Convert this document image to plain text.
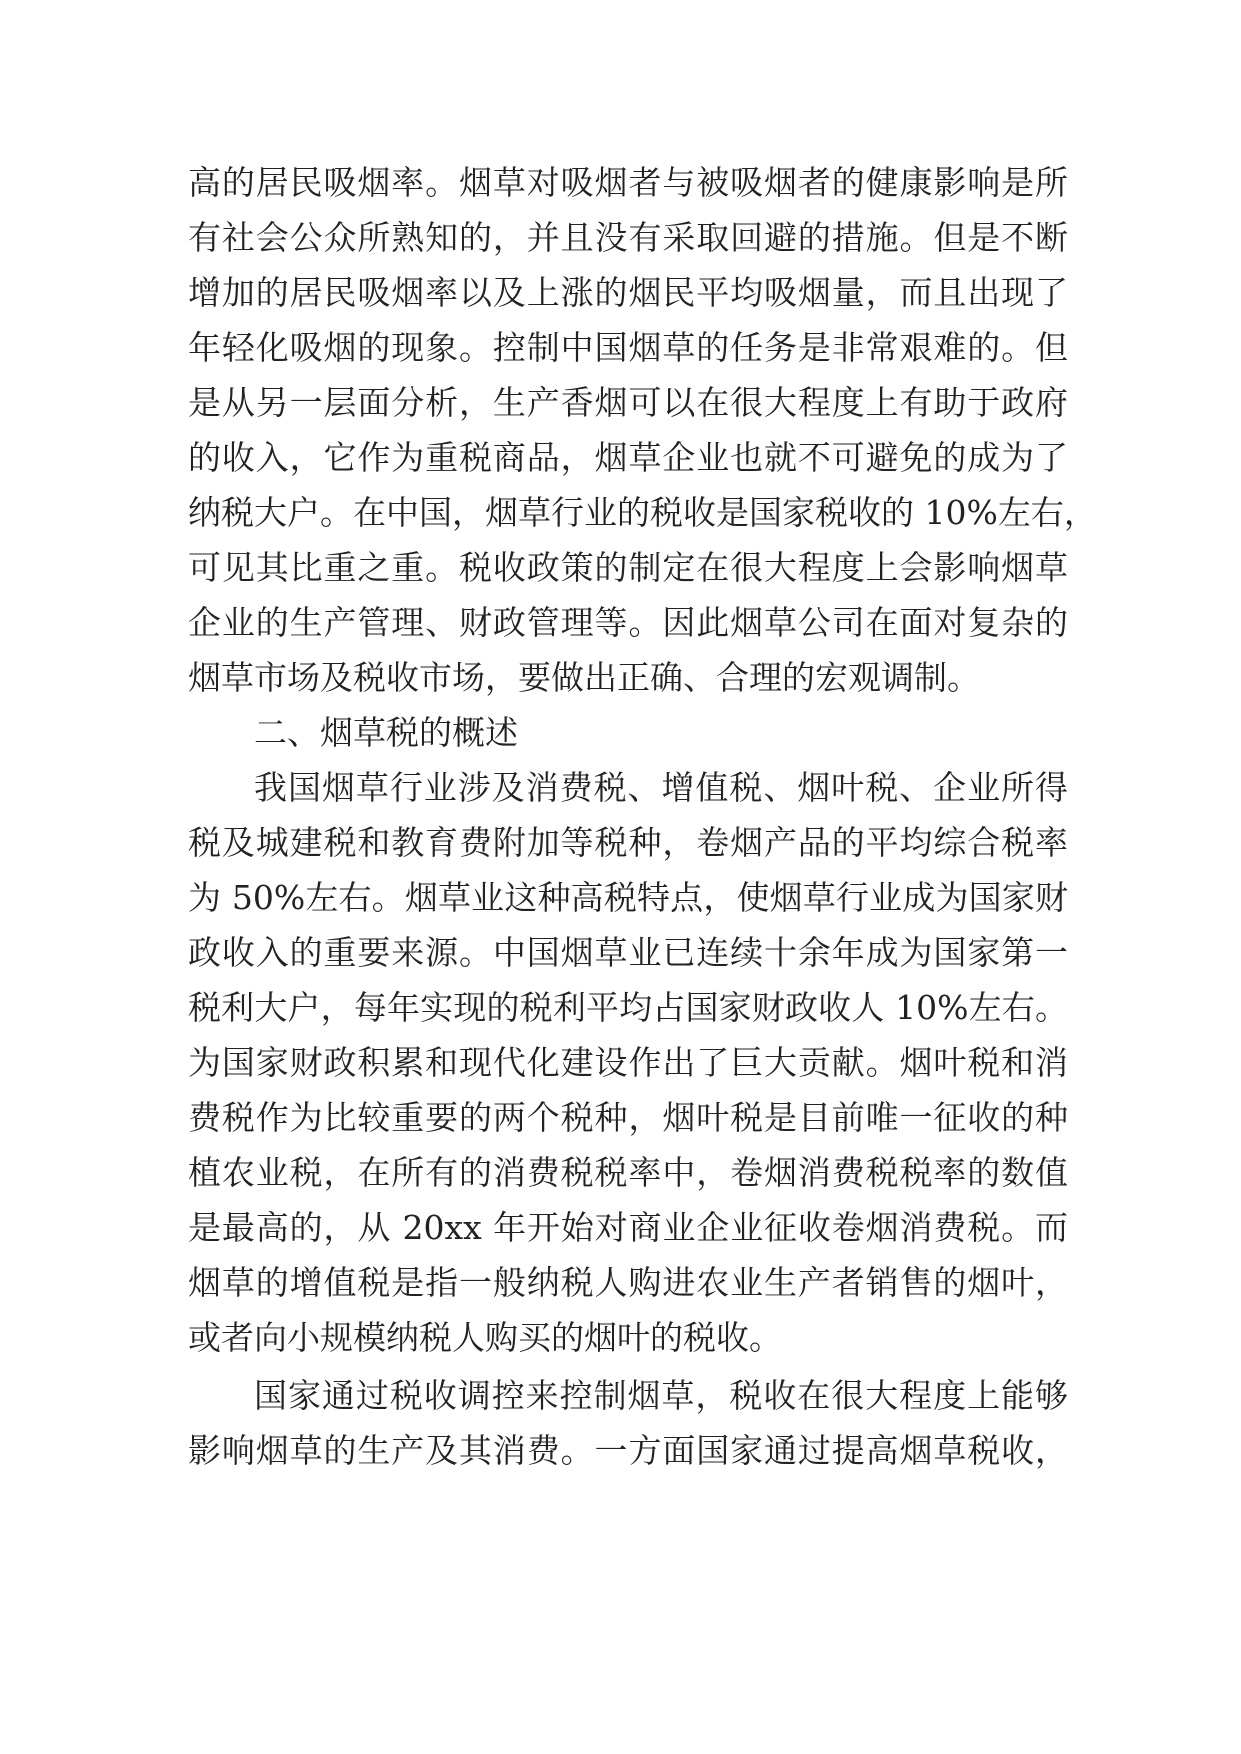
高的居民吸烟率。烟草对吸烟者与被吸烟者的健康影响是所
有社会公众所熟知的，并且没有采取回避的措施。但是不断
增加的居民吸烟率以及上涨的烟民平均吸烟量，而且出现了
年轻化吸烟的现象。控制中国烟草的任务是非常艰难的。但
是从另一层面分析，生产香烟可以在很大程度上有助于政府
的收入，它作为重税商品，烟草企业也就不可避免的成为了
纳税大户。在中国，烟草行业的税收是国家税收的 10%左右，
可见其比重之重。税收政策的制定在很大程度上会影响烟草
企业的生产管理、财政管理等。因此烟草公司在面对复杂的
烟草市场及税收市场，要做出正确、合理的宏观调制。
二、烟草税的概述
我国烟草行业涉及消费税、增值税、烟叶税、企业所得
税及城建税和教育费附加等税种，卷烟产品的平均综合税率
为 50%左右。烟草业这种高税特点，使烟草行业成为国家财
政收入的重要来源。中国烟草业已连续十余年成为国家第一
税利大户，每年实现的税利平均占国家财政收人 10%左右。
为国家财政积累和现代化建设作出了巨大贡献。烟叶税和消
费税作为比较重要的两个税种，烟叶税是目前唯一征收的种
植农业税，在所有的消费税税率中，卷烟消费税税率的数值
是最高的，从 20xx 年开始对商业企业征收卷烟消费税。而
烟草的增值税是指一般纳税人购进农业生产者销售的烟叶，
或者向小规模纳税人购买的烟叶的税收。
国家通过税收调控来控制烟草，税收在很大程度上能够
影响烟草的生产及其消费。一方面国家通过提高烟草税收，
